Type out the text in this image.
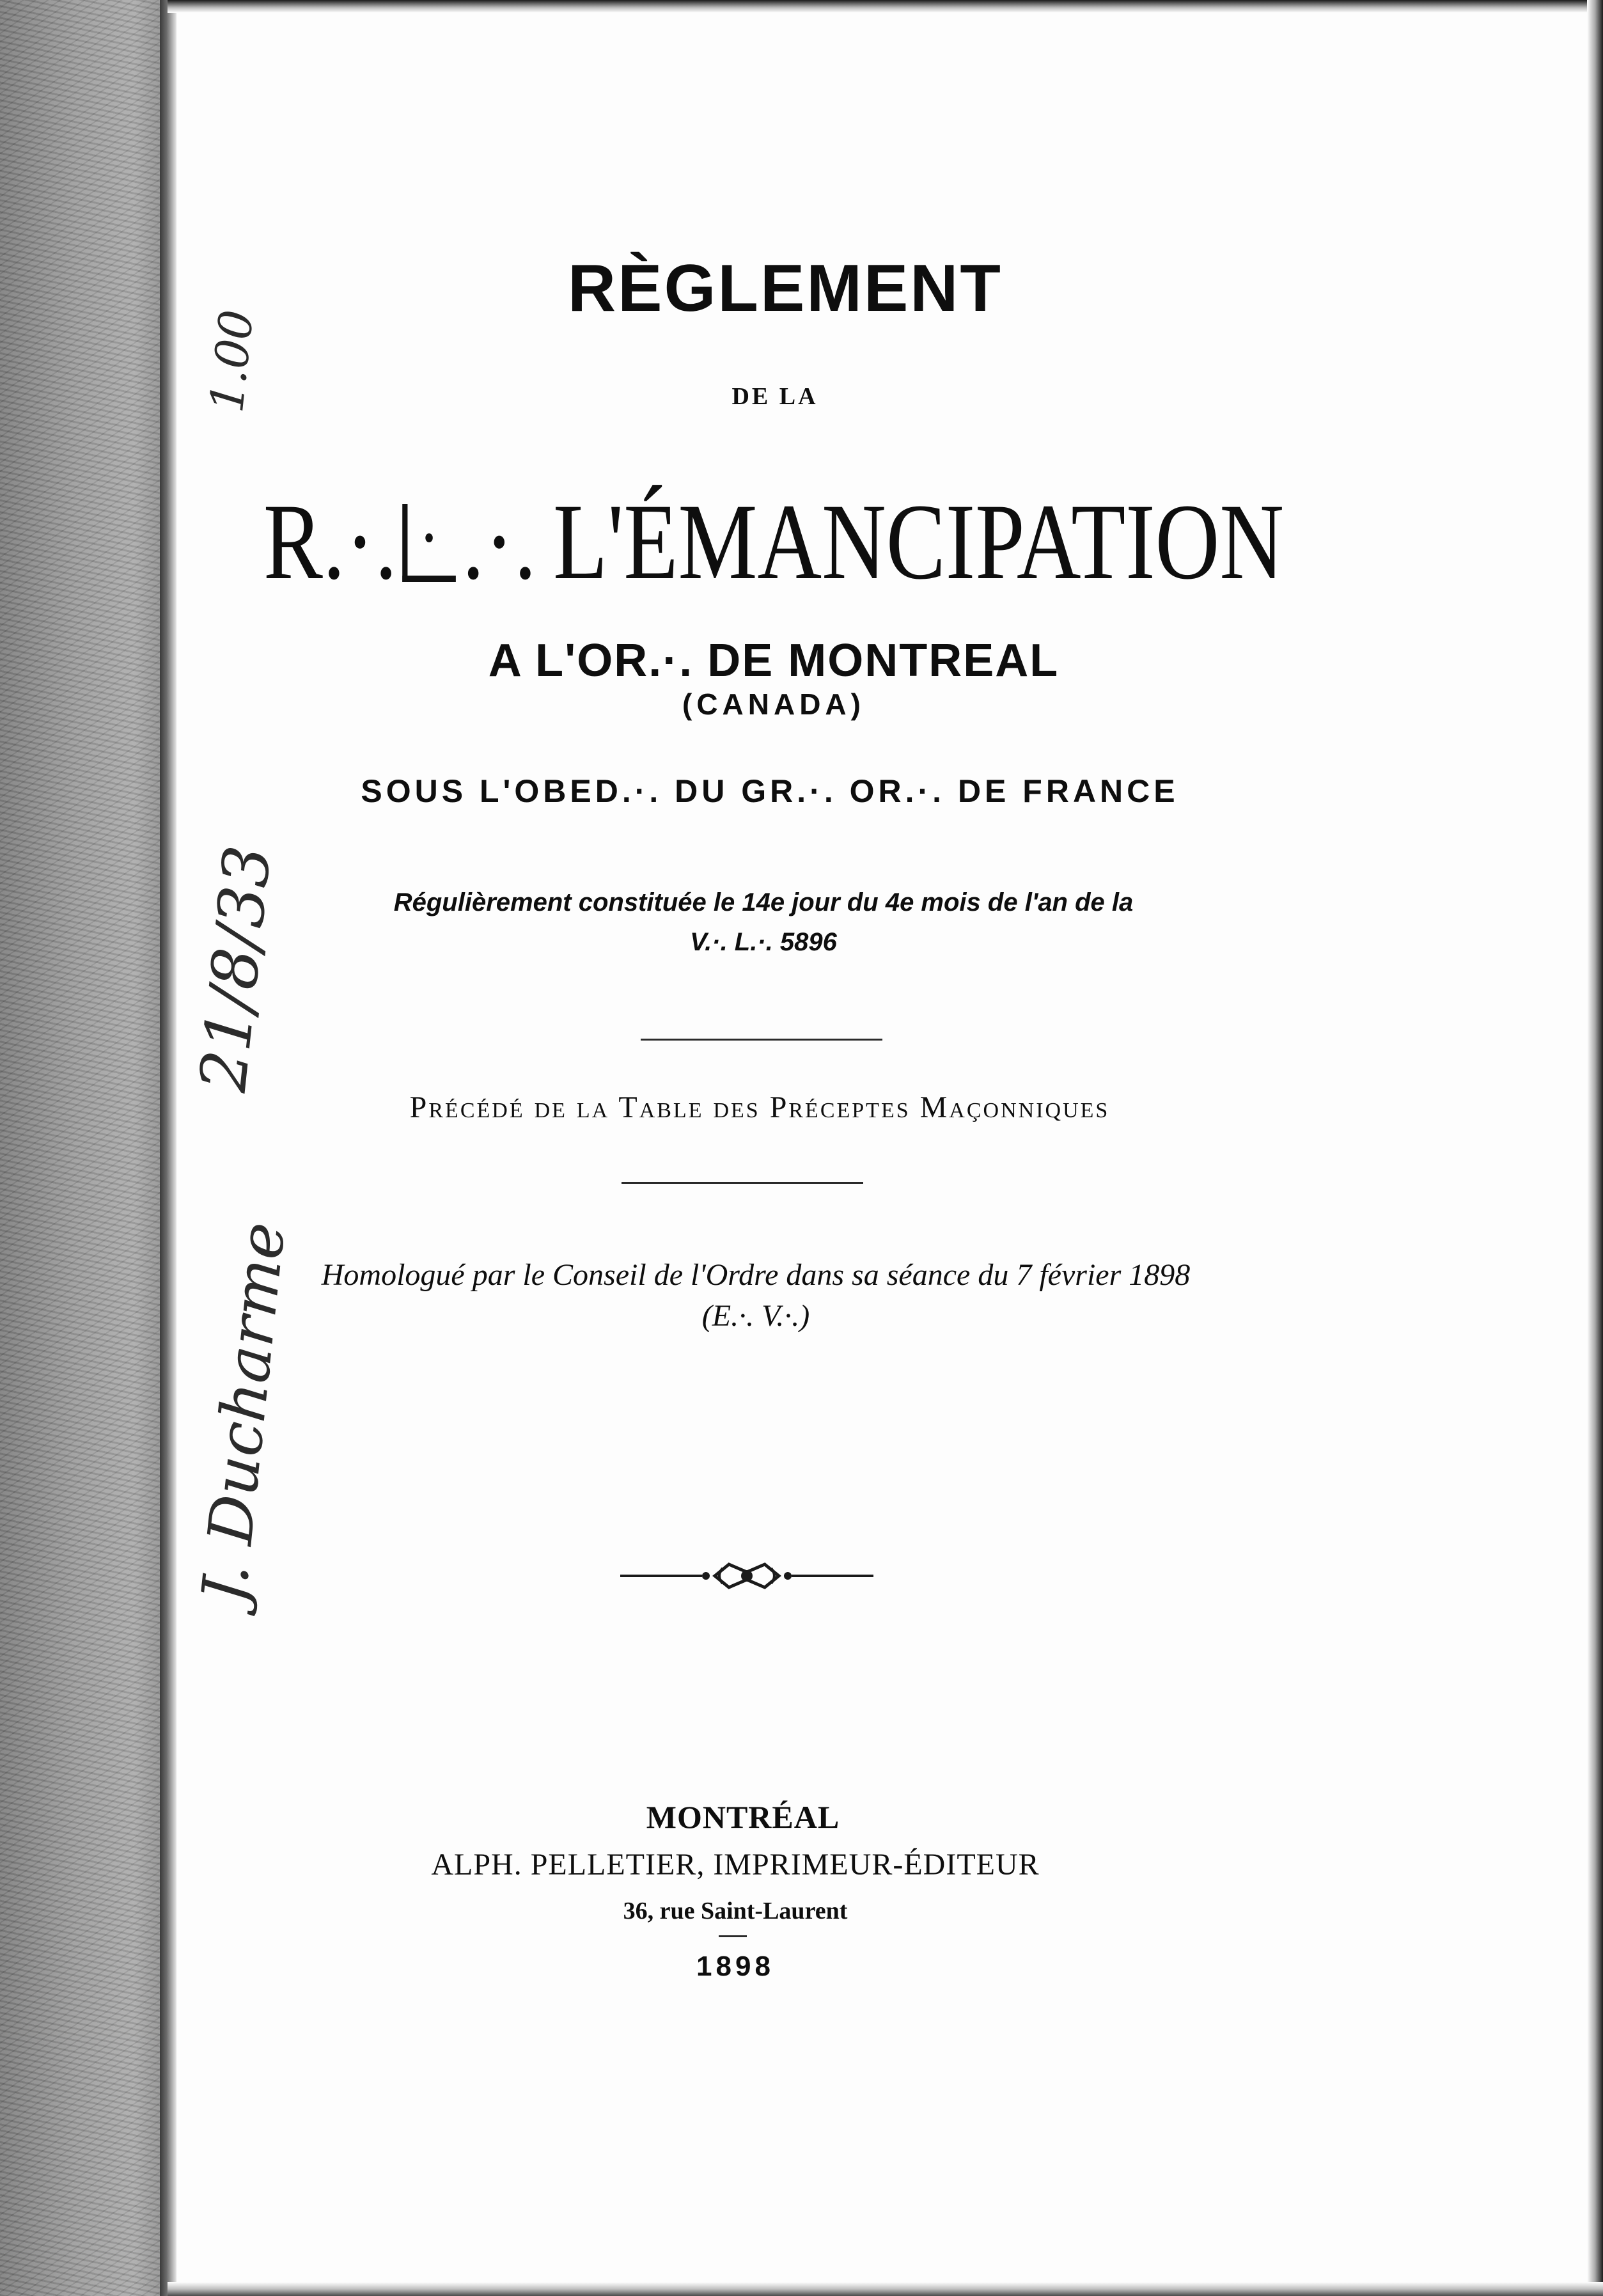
1.00
21/8/33
J. Ducharme
RÈGLEMENT
DE LA
R.·. .·. L'ÉMANCIPATION
A L'OR.·. DE MONTREAL
(CANADA)
SOUS L'OBED.·. DU GR.·. OR.·. DE FRANCE
Régulièrement constituée le 14e jour du 4e mois de l'an de la V.·. L.·. 5896
Précédé de la Table des Préceptes Maçonniques
Homologué par le Conseil de l'Ordre dans sa séance du 7 février 1898 (E.·. V.·.)
MONTRÉAL
ALPH. PELLETIER, IMPRIMEUR-ÉDITEUR
36, rue Saint-Laurent
1898
